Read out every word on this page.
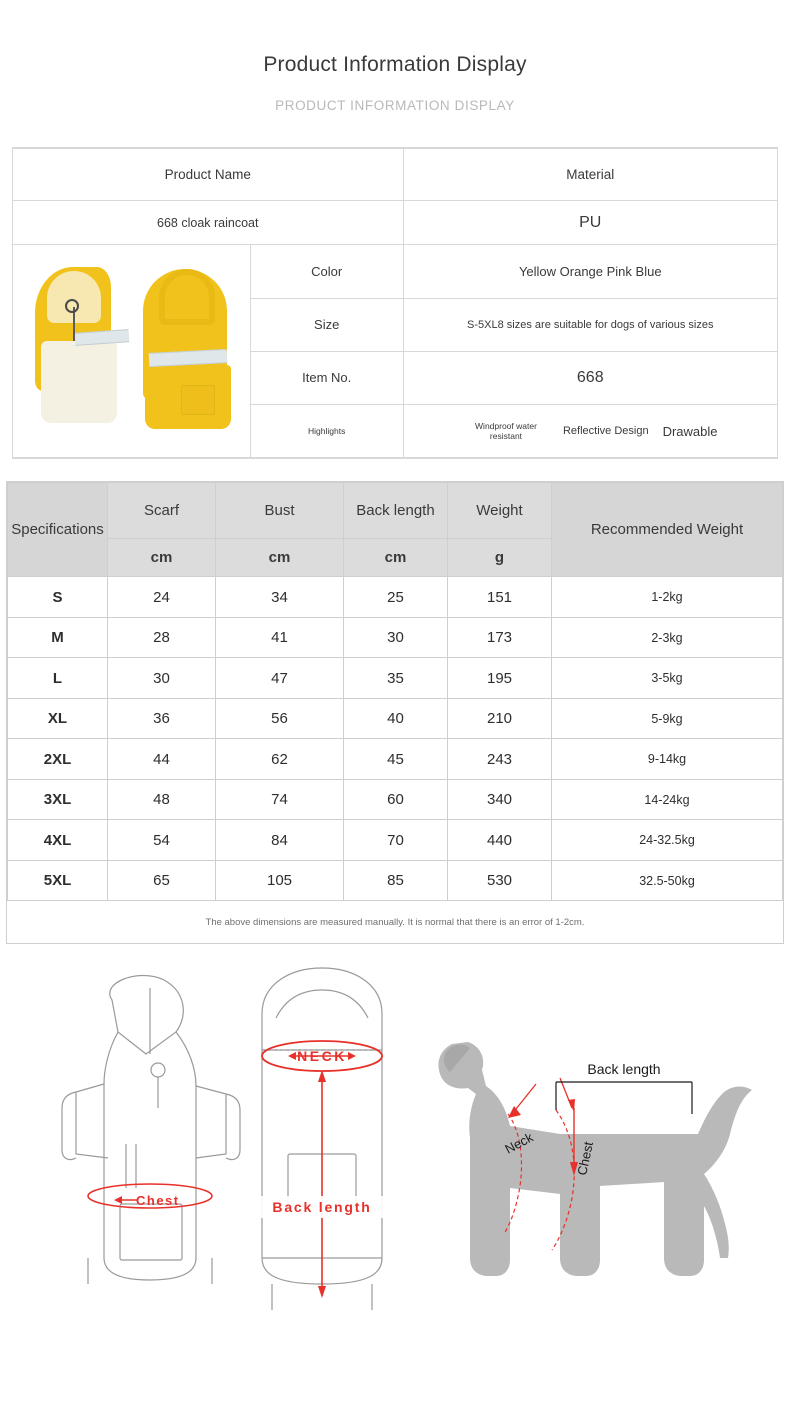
Product Information Display
PRODUCT INFORMATION DISPLAY
Product Name		Material
668 cloak raincoat		PU

	Color	Yellow Orange Pink Blue
	Size	S-5XL8 sizes are suitable for dogs of various sizes
	Item No.	668
	Highlights	Windproof water resistant Reflective Design Drawable
Specifications	Scarf	Bust	Back length	Weight	Recommended Weight
	cm	cm	cm	g	
S	24	34	25	151	1-2kg
M	28	41	30	173	2-3kg
L	30	47	35	195	3-5kg
XL	36	56	40	210	5-9kg
2XL	44	62	45	243	9-14kg
3XL	48	74	60	340	14-24kg
4XL	54	84	70	440	24-32.5kg
5XL	65	105	85	530	32.5-50kg
The above dimensions are measured manually. It is normal that there is an error of 1-2cm.					
Chest
NECK
Back length
Neck	Chest
Back length
